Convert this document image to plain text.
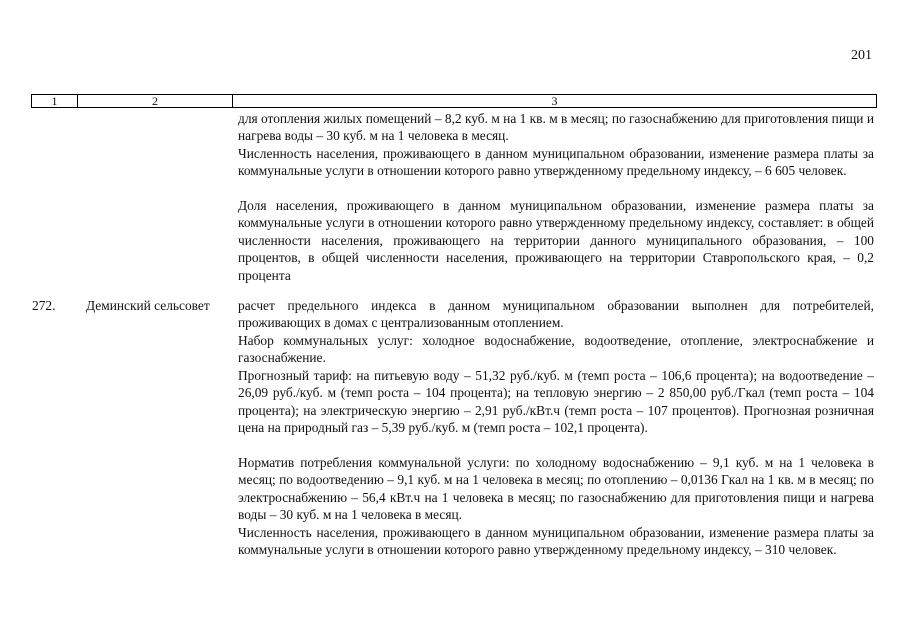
201
1	2	3
для отопления жилых помещений – 8,2 куб. м на 1 кв. м в месяц; по газоснабжению для приготовления пищи и нагрева воды – 30 куб. м на 1 человека в месяц.
Численность населения, проживающего в данном муниципальном образовании, изменение размера платы за коммунальные услуги в отношении которого равно утвержденному предельному индексу, – 6 605 человек.
Доля населения, проживающего в данном муниципальном образовании, изменение размера платы за коммунальные услуги в отношении которого равно утвержденному предельному индексу, составляет: в общей численности населения, проживающего на территории данного муниципального образования, – 100 процентов, в общей численности населения, проживающего на территории Ставропольского края, – 0,2 процента
272. Деминский сельсовет расчет предельного индекса в данном муниципальном образовании выполнен для потребителей, проживающих в домах с централизованным отоплением.
Набор коммунальных услуг: холодное водоснабжение, водоотведение, отопление, электроснабжение и газоснабжение.
Прогнозный тариф: на питьевую воду – 51,32 руб./куб. м (темп роста – 106,6 процента); на водоотведение – 26,09 руб./куб. м (темп роста – 104 процента); на тепловую энергию – 2 850,00 руб./Гкал (темп роста – 104 процента); на электрическую энергию – 2,91 руб./кВт.ч (темп роста – 107 процентов). Прогнозная розничная цена на природный газ – 5,39 руб./куб. м (темп роста – 102,1 процента).
Норматив потребления коммунальной услуги: по холодному водоснабжению – 9,1 куб. м на 1 человека в месяц; по водоотведению – 9,1 куб. м на 1 человека в месяц; по отоплению – 0,0136 Гкал на 1 кв. м в месяц; по электроснабжению – 56,4 кВт.ч на 1 человека в месяц; по газоснабжению для приготовления пищи и нагрева воды – 30 куб. м на 1 человека в месяц.
Численность населения, проживающего в данном муниципальном образовании, изменение размера платы за коммунальные услуги в отношении которого равно утвержденному предельному индексу, – 310 человек.
